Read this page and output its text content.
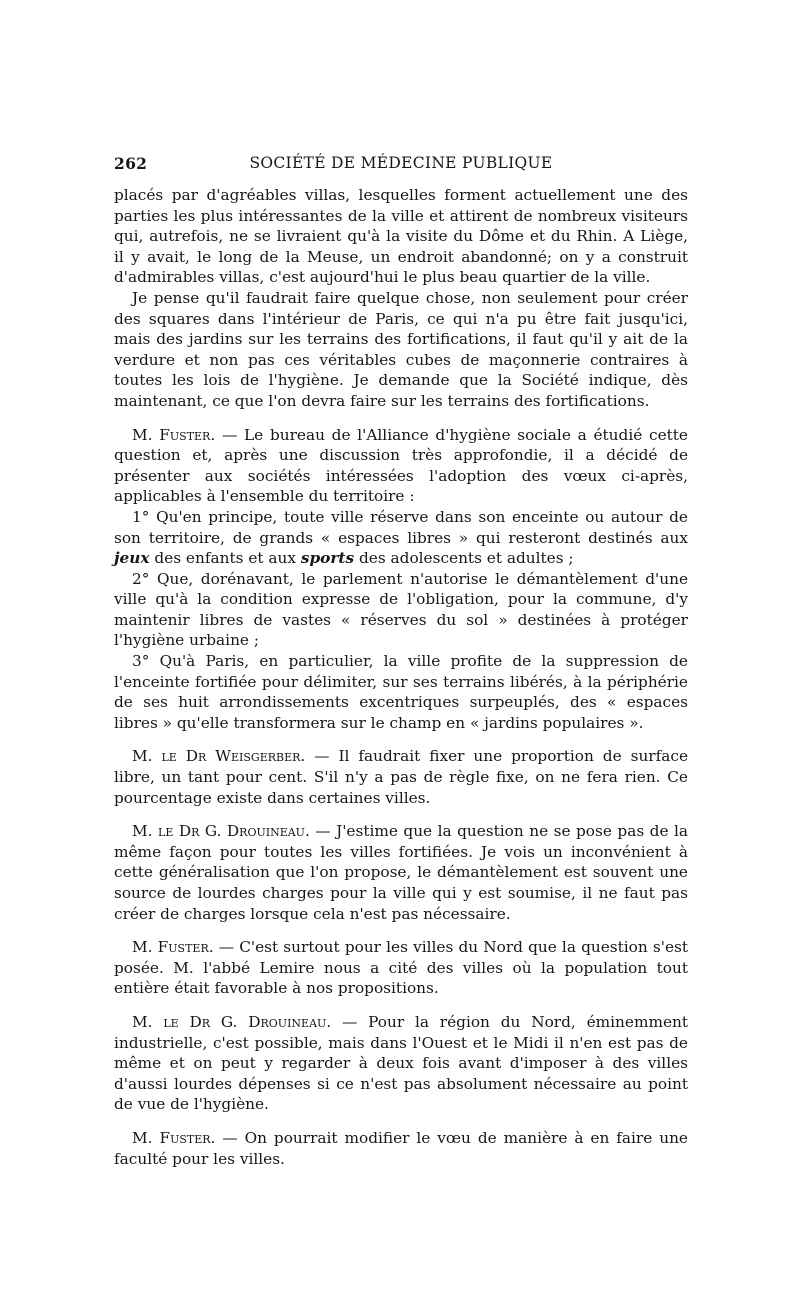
262	SOCIÉTÉ DE MÉDECINE PUBLIQUE

placés par d'agréables villas, lesquelles forment actuellement une des parties les plus intéressantes de la ville et attirent de nombreux visiteurs qui, autrefois, ne se livraient qu'à la visite du Dôme et du Rhin. A Liège, il y avait, le long de la Meuse, un endroit abandonné; on y a construit d'admirables villas, c'est aujourd'hui le plus beau quartier de la ville.

Je pense qu'il faudrait faire quelque chose, non seulement pour créer des squares dans l'intérieur de Paris, ce qui n'a pu être fait jusqu'ici, mais des jardins sur les terrains des fortifications, il faut qu'il y ait de la verdure et non pas ces véritables cubes de maçonnerie contraires à toutes les lois de l'hygiène. Je demande que la Société indique, dès maintenant, ce que l'on devra faire sur les terrains des fortifications.

M. Fuster. — Le bureau de l'Alliance d'hygiène sociale a étudié cette question et, après une discussion très approfondie, il a décidé de présenter aux sociétés intéressées l'adoption des vœux ci-après, applicables à l'ensemble du territoire :

1° Qu'en principe, toute ville réserve dans son enceinte ou autour de son territoire, de grands « espaces libres » qui resteront destinés aux jeux des enfants et aux sports des adolescents et adultes ;

2° Que, dorénavant, le parlement n'autorise le démantèlement d'une ville qu'à la condition expresse de l'obligation, pour la commune, d'y maintenir libres de vastes « réserves du sol » destinées à protéger l'hygiène urbaine ;

3° Qu'à Paris, en particulier, la ville profite de la suppression de l'enceinte fortifiée pour délimiter, sur ses terrains libérés, à la périphérie de ses huit arrondissements excentriques surpeuplés, des « espaces libres » qu'elle transformera sur le champ en « jardins populaires ».

M. le Dr Weisgerber. — Il faudrait fixer une proportion de surface libre, un tant pour cent. S'il n'y a pas de règle fixe, on ne fera rien. Ce pourcentage existe dans certaines villes.

M. le Dr G. Drouineau. — J'estime que la question ne se pose pas de la même façon pour toutes les villes fortifiées. Je vois un inconvénient à cette généralisation que l'on propose, le démantèlement est souvent une source de lourdes charges pour la ville qui y est soumise, il ne faut pas créer de charges lorsque cela n'est pas nécessaire.

M. Fuster. — C'est surtout pour les villes du Nord que la question s'est posée. M. l'abbé Lemire nous a cité des villes où la population tout entière était favorable à nos propositions.

M. le Dr G. Drouineau. — Pour la région du Nord, éminemment industrielle, c'est possible, mais dans l'Ouest et le Midi il n'en est pas de même et on peut y regarder à deux fois avant d'imposer à des villes d'aussi lourdes dépenses si ce n'est pas absolument nécessaire au point de vue de l'hygiène.

M. Fuster. — On pourrait modifier le vœu de manière à en faire une faculté pour les villes.
